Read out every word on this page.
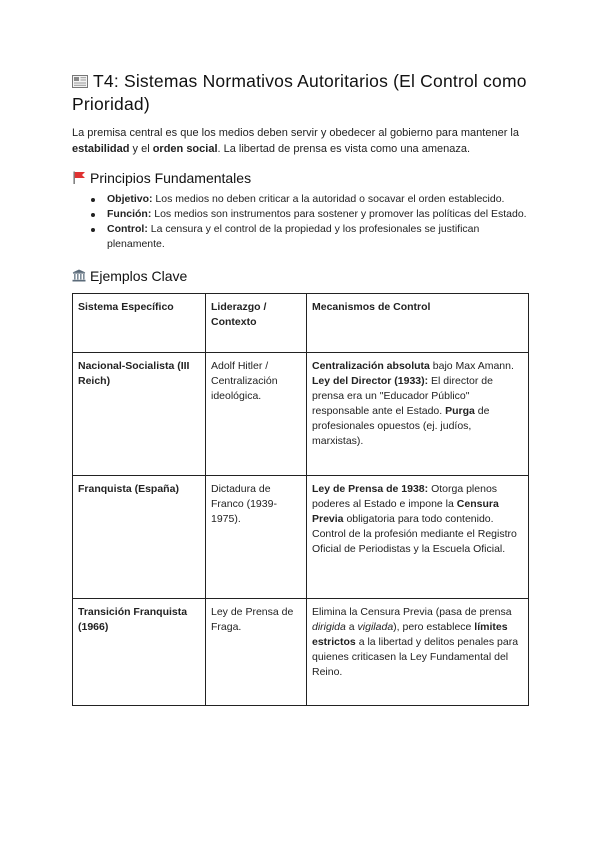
T4: Sistemas Normativos Autoritarios (El Control como Prioridad)

La premisa central es que los medios deben servir y obedecer al gobierno para mantener la estabilidad y el orden social. La libertad de prensa es vista como una amenaza.

Principios Fundamentales
Objetivo: Los medios no deben criticar a la autoridad o socavar el orden establecido.
Función: Los medios son instrumentos para sostener y promover las políticas del Estado.
Control: La censura y el control de la propiedad y los profesionales se justifican plenamente.
Ejemplos Clave
Sistema Específico	Liderazgo / Contexto	Mecanismos de Control
Nacional-Socialista (III Reich)	Adolf Hitler / Centralización ideológica.	Centralización absoluta bajo Max Amann. Ley del Director (1933): El director de prensa era un "Educador Público" responsable ante el Estado. Purga de profesionales opuestos (ej. judíos, marxistas).
Franquista (España)	Dictadura de Franco (1939-1975).	Ley de Prensa de 1938: Otorga plenos poderes al Estado e impone la Censura Previa obligatoria para todo contenido. Control de la profesión mediante el Registro Oficial de Periodistas y la Escuela Oficial.
Transición Franquista (1966)	Ley de Prensa de Fraga.	Elimina la Censura Previa (pasa de prensa dirigida a vigilada), pero establece límites estrictos a la libertad y delitos penales para quienes criticasen la Ley Fundamental del Reino.
